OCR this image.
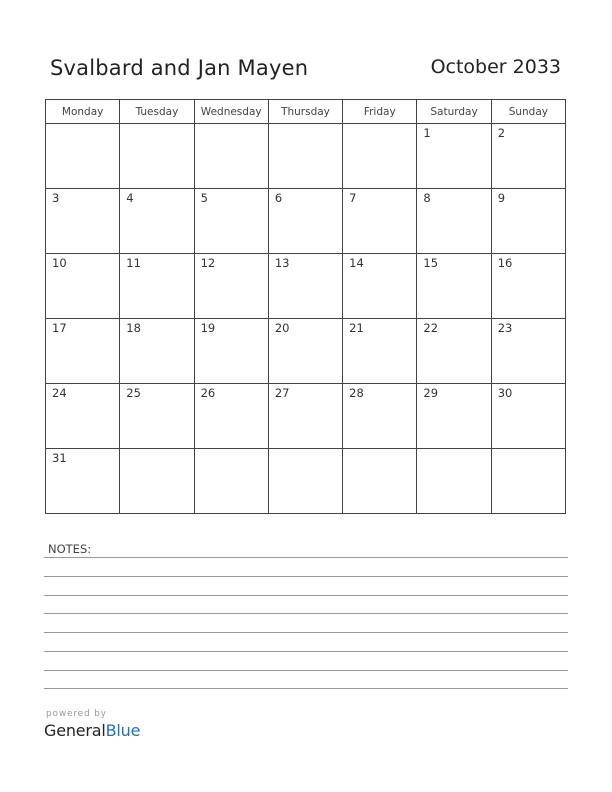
Svalbard and Jan Mayen	October 2033
Monday	Tuesday	Wednesday	Thursday	Friday	Saturday	Sunday

					1	2

3	4	5	6	7	8	9

10	11	12	13	14	15	16

17	18	19	20	21	22	23

24	25	26	27	28	29	30

31						

NOTES:
powered by
GeneralBlue
